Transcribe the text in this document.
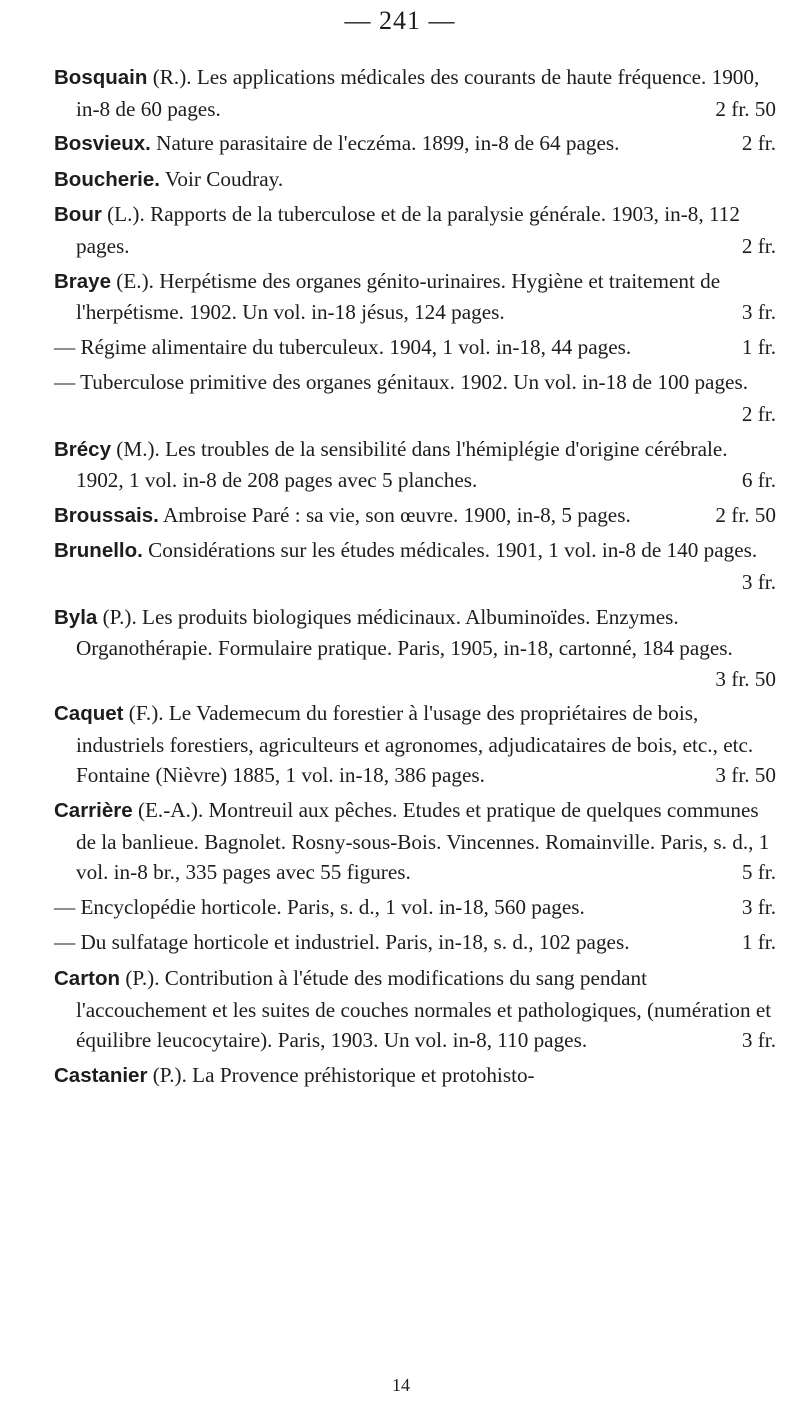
— 241 —
Bosquain (R.). Les applications médicales des courants de haute fréquence. 1900, in-8 de 60 pages.	2 fr. 50
Bosvieux. Nature parasitaire de l'eczéma. 1899, in-8 de 64 pages.	2 fr.
Boucherie. Voir Coudray.
Bour (L.). Rapports de la tuberculose et de la paralysie générale. 1903, in-8, 112 pages.	2 fr.
Braye (E.). Herpétisme des organes génito-urinaires. Hygiène et traitement de l'herpétisme. 1902. Un vol. in-18 jésus, 124 pages.	3 fr.
— Régime alimentaire du tuberculeux. 1904, 1 vol. in-18, 44 pages.	1 fr.
— Tuberculose primitive des organes génitaux. 1902. Un vol. in-18 de 100 pages.
2 fr.
Brécy (M.). Les troubles de la sensibilité dans l'hémiplégie d'origine cérébrale. 1902, 1 vol. in-8 de 208 pages avec 5 planches.	6 fr.
Broussais. Ambroise Paré : sa vie, son œuvre. 1900, in-8, 5 pages.	2 fr. 50
Brunello. Considérations sur les études médicales. 1901, 1 vol. in-8 de 140 pages.
3 fr.
Byla (P.). Les produits biologiques médicinaux. Albuminoïdes. Enzymes. Organothérapie. Formulaire pratique. Paris, 1905, in-18, cartonné, 184 pages.
3 fr. 50
Caquet (F.). Le Vademecum du forestier à l'usage des propriétaires de bois, industriels forestiers, agriculteurs et agronomes, adjudicataires de bois, etc., etc. Fontaine (Nièvre) 1885, 1 vol. in-18, 386 pages.	3 fr. 50
Carrière (E.-A.). Montreuil aux pêches. Etudes et pratique de quelques communes de la banlieue. Bagnolet. Rosny-sous-Bois. Vincennes. Romainville. Paris, s. d., 1 vol. in-8 br., 335 pages avec 55 figures.	5 fr.
— Encyclopédie horticole. Paris, s. d., 1 vol. in-18, 560 pages.	3 fr.
— Du sulfatage horticole et industriel. Paris, in-18, s. d., 102 pages.	1 fr.
Carton (P.). Contribution à l'étude des modifications du sang pendant l'accouchement et les suites de couches normales et pathologiques, (numération et équilibre leucocytaire). Paris, 1903. Un vol. in-8, 110 pages.	3 fr.
Castanier (P.). La Provence préhistorique et protohisto-
14
